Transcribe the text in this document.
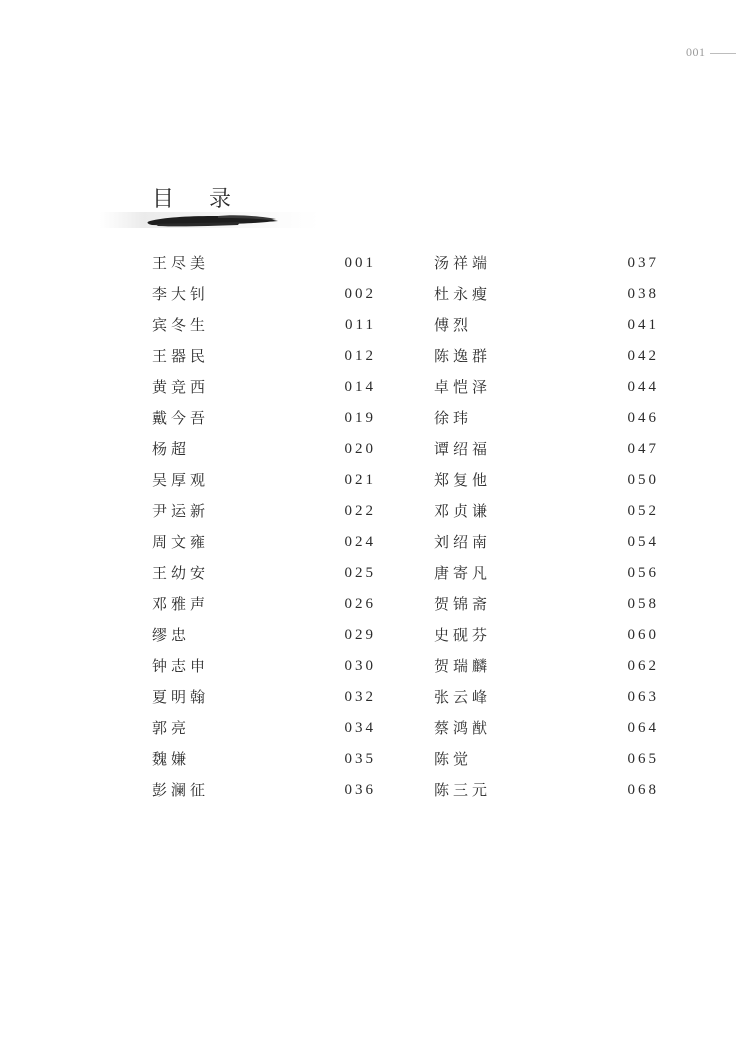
001
目 录
王尽美	001
李大钊	002
宾冬生	011
王器民	012
黄竞西	014
戴今吾	019
杨超	020
吴厚观	021
尹运新	022
周文雍	024
王幼安	025
邓雅声	026
缪忠	029
钟志申	030
夏明翰	032
郭亮	034
魏嫌	035
彭澜征	036
汤祥端	037
杜永瘦	038
傅烈	041
陈逸群	042
卓恺泽	044
徐玮	046
谭绍福	047
郑复他	050
邓贞谦	052
刘绍南	054
唐寄凡	056
贺锦斋	058
史砚芬	060
贺瑞麟	062
张云峰	063
蔡鸿猷	064
陈觉	065
陈三元	068
